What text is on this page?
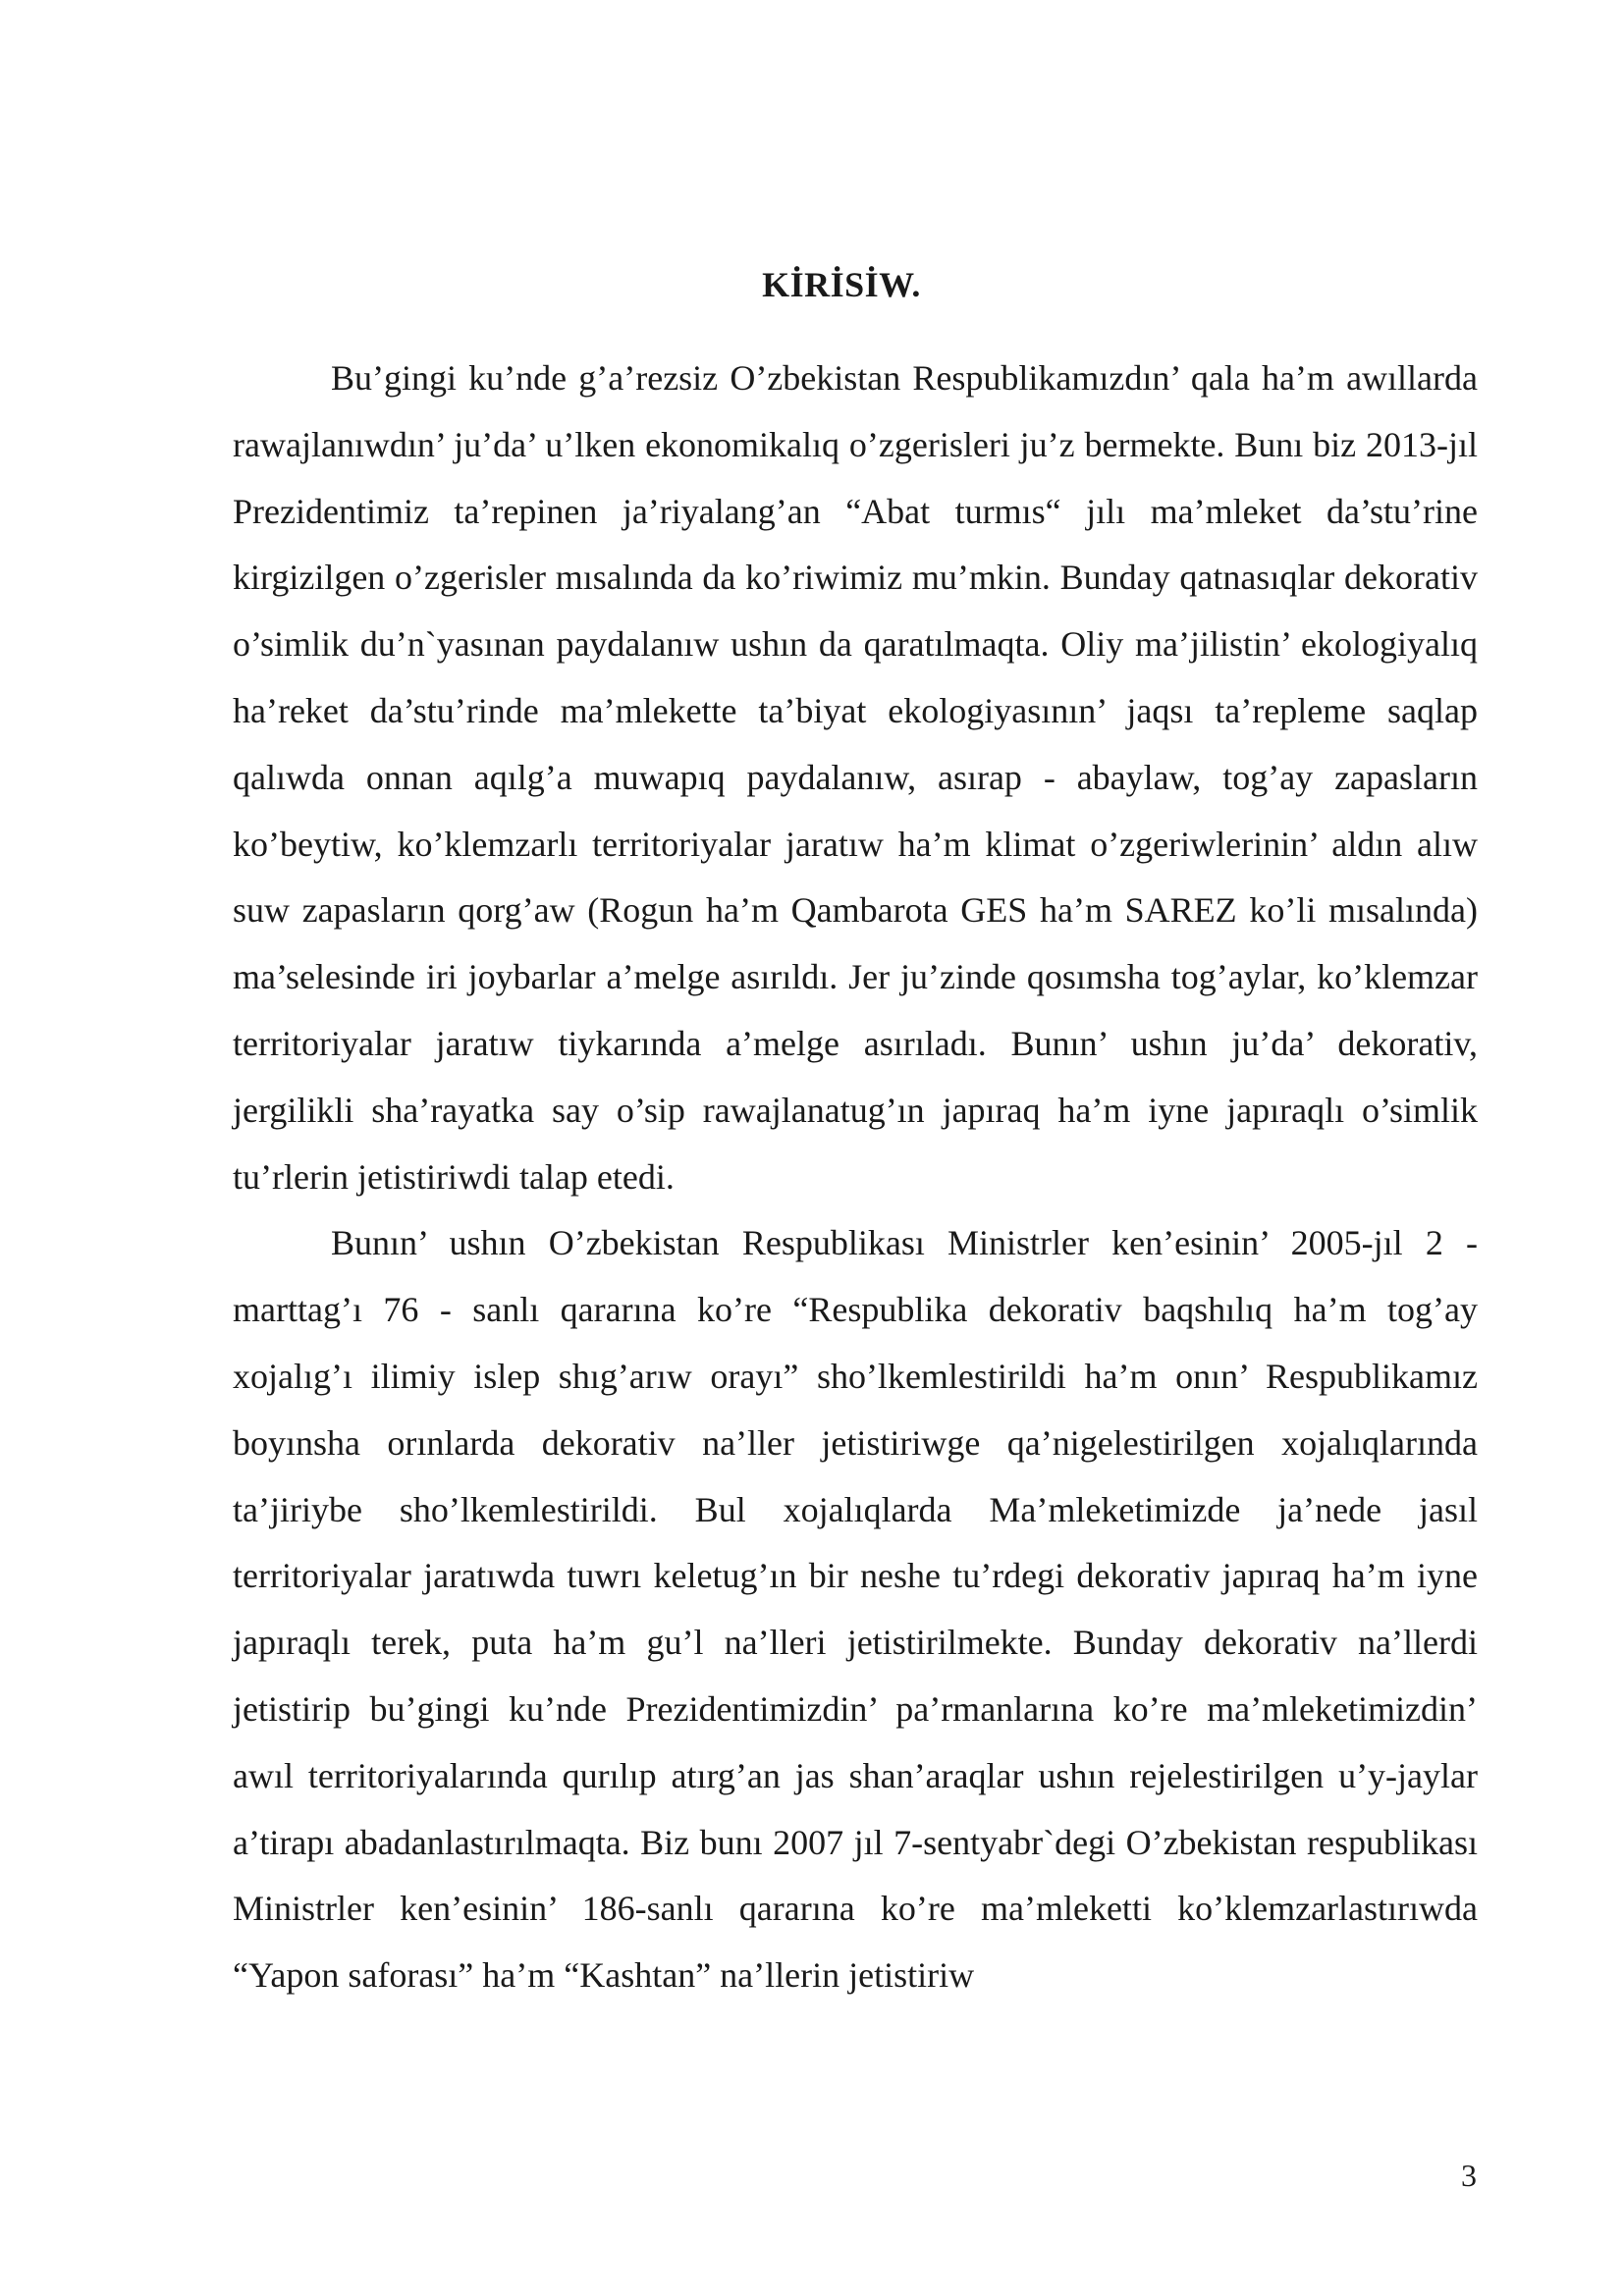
KİRİSİW.

Bu’gingi ku’nde g’a’rezsiz O’zbekistan Respublikamızdın’ qala ha’m awıllarda rawajlanıwdın’ ju’da’ u’lken ekonomikalıq o’zgerisleri ju’z bermekte. Bunı biz 2013-jıl Prezidentimiz ta’repinen ja’riyalang’an “Abat turmıs“ jılı ma’mleket da’stu’rine kirgizilgen o’zgerisler mısalında da ko’riwimiz mu’mkin. Bunday qatnasıqlar dekorativ o’simlik du’n`yasınan paydalanıw ushın da qaratılmaqta. Oliy ma’jilistin’ ekologiyalıq ha’reket da’stu’rinde ma’mlekette ta’biyat ekologiyasının’ jaqsı ta’repleme saqlap qalıwda onnan aqılg’a muwapıq paydalanıw, asırap - abaylaw, tog’ay zapasların ko’beytiw, ko’klemzarlı territoriyalar jaratıw ha’m klimat o’zgeriwlerinin’ aldın alıw suw zapasların qorg’aw (Rogun ha’m Qambarota GES ha’m SAREZ ko’li mısalında) ma’selesinde iri joybarlar a’melge asırıldı. Jer ju’zinde qosımsha tog’aylar, ko’klemzar territoriyalar jaratıw tiykarında a’melge asırıladı. Bunın’ ushın ju’da’ dekorativ, jergilikli sha’rayatka say o’sip rawajlanatug’ın japıraq ha’m iyne japıraqlı o’simlik tu’rlerin jetistiriwdi talap etedi.

Bunın’ ushın O’zbekistan Respublikası Ministrler ken’esinin’ 2005-jıl 2 - marttag’ı 76 - sanlı qararına ko’re “Respublika dekorativ baqshılıq ha’m tog’ay xojalıg’ı ilimiy islep shıg’arıw orayı” sho’lkemlestirildi ha’m onın’ Respublikamız boyınsha orınlarda dekorativ na’ller jetistiriwge qa’nigelestirilgen xojalıqlarında ta’jiriybe sho’lkemlestirildi. Bul xojalıqlarda Ma’mleketimizde ja’nede jasıl territoriyalar jaratıwda tuwrı keletug’ın bir neshe tu’rdegi dekorativ japıraq ha’m iyne japıraqlı terek, puta ha’m gu’l na’lleri jetistirilmekte. Bunday dekorativ na’llerdi jetistirip bu’gingi ku’nde Prezidentimizdin’ pa’rmanlarına ko’re ma’mleketimizdin’ awıl territoriyalarında qurılıp atırg’an jas shan’araqlar ushın rejelestirilgen u’y-jaylar a’tirapı abadanlastırılmaqta. Biz bunı 2007 jıl 7-sentyabr`degi O’zbekistan respublikası Ministrler ken’esinin’ 186-sanlı qararına ko’re ma’mleketti ko’klemzarlastırıwda “Yapon saforası” ha’m “Kashtan” na’llerin jetistiriw

3
